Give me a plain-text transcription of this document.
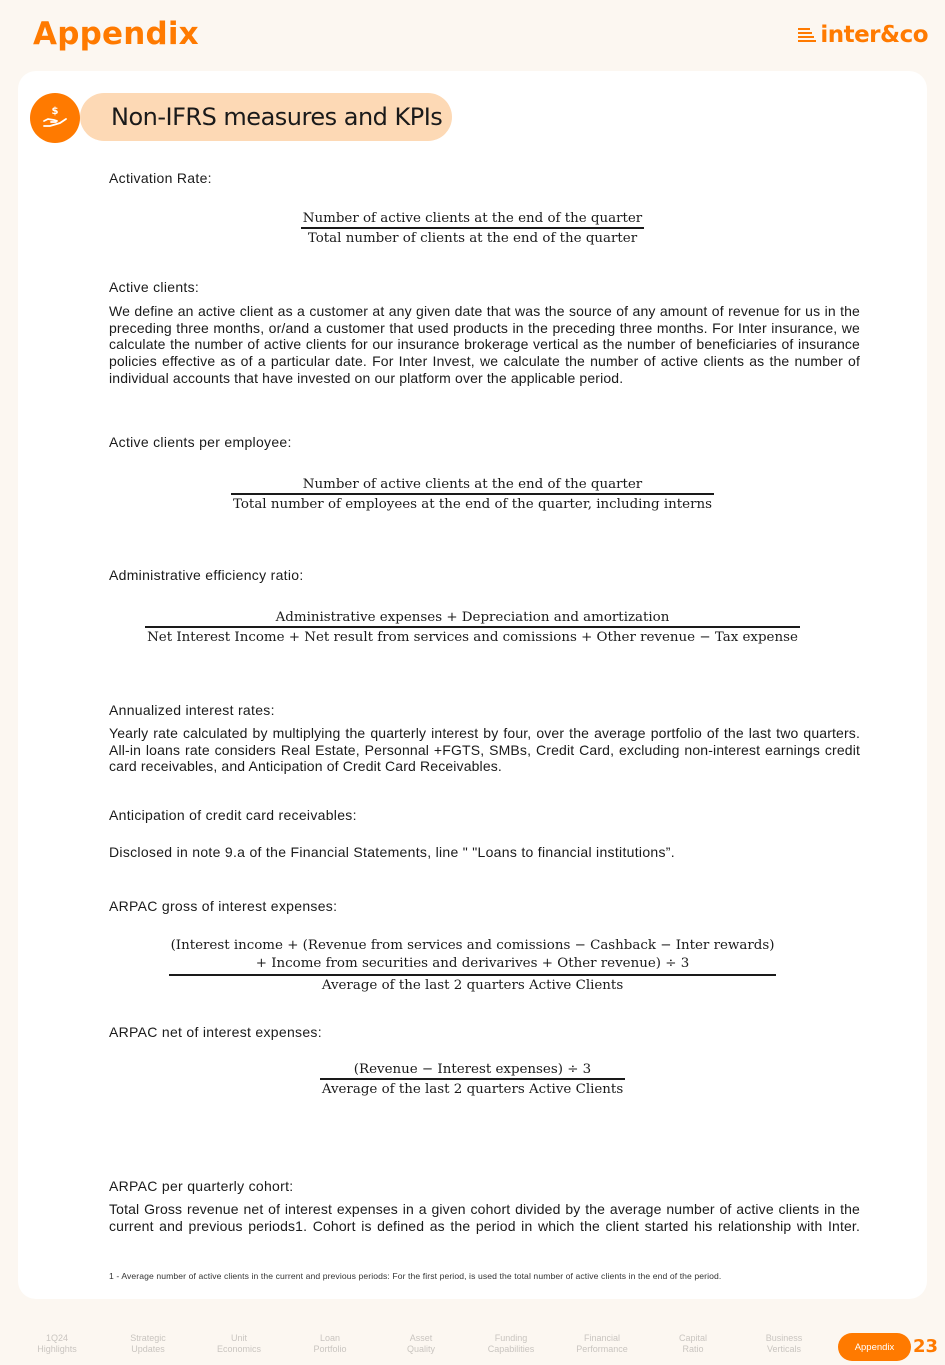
Appendix	inter&co
Non-IFRS measures and KPIs
$
Activation Rate:
$\frac{\text{Number of active clients at the end of the quarter}}{\text{Total number of clients at the end of the quarter}}$
Active clients:
We define an active client as a customer at any given date that was the source of any amount of revenue for us in the preceding three months, or/and a customer that used products in the preceding three months. For Inter insurance, we calculate the number of active clients for our insurance brokerage vertical as the number of beneficiaries of insurance policies effective as of a particular date. For Inter Invest, we calculate the number of active clients as the number of individual accounts that have invested on our platform over the applicable period.
Active clients per employee:
Number of active clients at the end of the quarter
Total number of employees at the end of the quarter, including interns
Administrative efficiency ratio:
Administrative expenses + Depreciation and amortization
Net Interest Income + Net result from services and comissions + Other revenue − Tax expense
Annualized interest rates:
Yearly rate calculated by multiplying the quarterly interest by four, over the average portfolio of the last two quarters. All-in loans rate considers Real Estate, Personnal +FGTS, SMBs, Credit Card, excluding non-interest earnings credit card receivables, and Anticipation of Credit Card Receivables.
Anticipation of credit card receivables:
Disclosed in note 9.a of the Financial Statements, line " "Loans to financial institutions”.
ARPAC gross of interest expenses:
(Interest income + (Revenue from services and comissions − Cashback − Inter rewards)
+ Income from securities and derivarives + Other revenue) ÷ 3
Average of the last 2 quarters Active Clients
ARPAC net of interest expenses:
$\frac{\text{(Revenue − Interest expenses) ÷ 3}}{\text{Average of the last 2 quarters Active Clients}}$
ARPAC per quarterly cohort:
Total Gross revenue net of interest expenses in a given cohort divided by the average number of active clients in the current and previous periods1. Cohort is defined as the period in which the client started his relationship with Inter.
1 - Average number of active clients in the current and previous periods: For the first period, is used the total number of active clients in the end of the period.
1Q24
Highlights
Strategic
Updates
Unit
Economics
Loan
Portfolio
Asset
Quality
Funding
Capabilities
Financial
Performance
Capital
Ratio
Business
Verticals	Appendix	23
